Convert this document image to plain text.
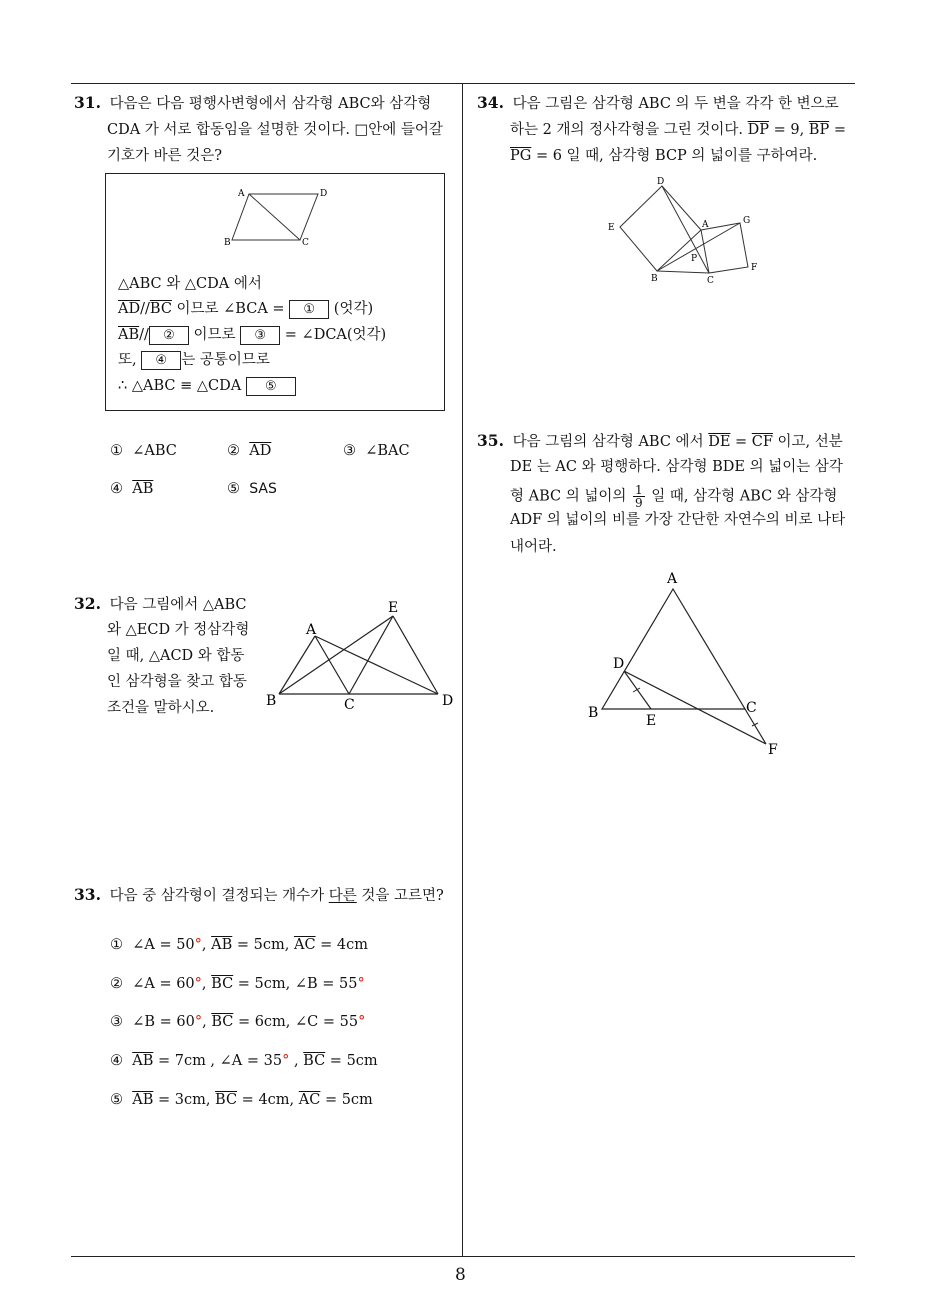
8
31. 다음은 다음 평행사변형에서 삼각형 ABC와 삼각형
CDA 가 서로 합동임을 설명한 것이다. □안에 들어갈
기호가 바른 것은?
A	D
B	C
△ABC 와 △CDA 에서
$\overline{AD}//\overline{BC}$ 이므로 ∠BCA = ① (엇각)
$\overline{AB}//$ ② 이므로 ③ = ∠DCA(엇각)
또, ④ 는 공통이므로
∴ △ABC ≡ △CDA ⑤
① ∠ABC	② $\overline{AD}$	③ ∠BAC
④ $\overline{AB}$	⑤ SAS
32. 다음 그림에서 △ABC
와 △ECD 가 정삼각형
일 때, △ACD 와 합동
인 삼각형을 찾고 합동
조건을 말하시오.
A
E
B	C	D
33. 다음 중 삼각형이 결정되는 개수가 다른 것을 고르면?
① ∠A = 50°, $\overline{AB} = 5cm$, $\overline{AC} = 4cm$
② ∠A = 60°, $\overline{BC} = 5cm$, ∠B = 55°
③ ∠B = 60°, $\overline{BC} = 6cm$, ∠C = 55°
④ $\overline{AB} = 7cm$ , ∠A = 35° , $\overline{BC} = 5cm$
⑤ $\overline{AB} = 3cm$, $\overline{BC} = 4cm$, $\overline{AC} = 5cm$
34. 다음 그림은 삼각형 ABC 의 두 변을 각각 한 변으로
하는 2 개의 정사각형을 그린 것이다. $\overline{DP} = 9$, $\overline{BP}$ =
$\overline{PG} = 6$ 일 때, 삼각형 BCP 의 넓이를 구하여라.
D
E	A	G
P
F
B	C
35. 다음 그림의 삼각형 ABC 에서 $\overline{DE} = \overline{CF}$ 이고, 선분
DE 는 AC 와 평행하다. 삼각형 BDE 의 넓이는 삼각
형 ABC 의 넓이의 $\frac{1}{9}$ 일 때, 삼각형 ABC 와 삼각형
ADF 의 넓이의 비를 가장 간단한 자연수의 비로 나타
내어라.
A
D
B	E
C
F
